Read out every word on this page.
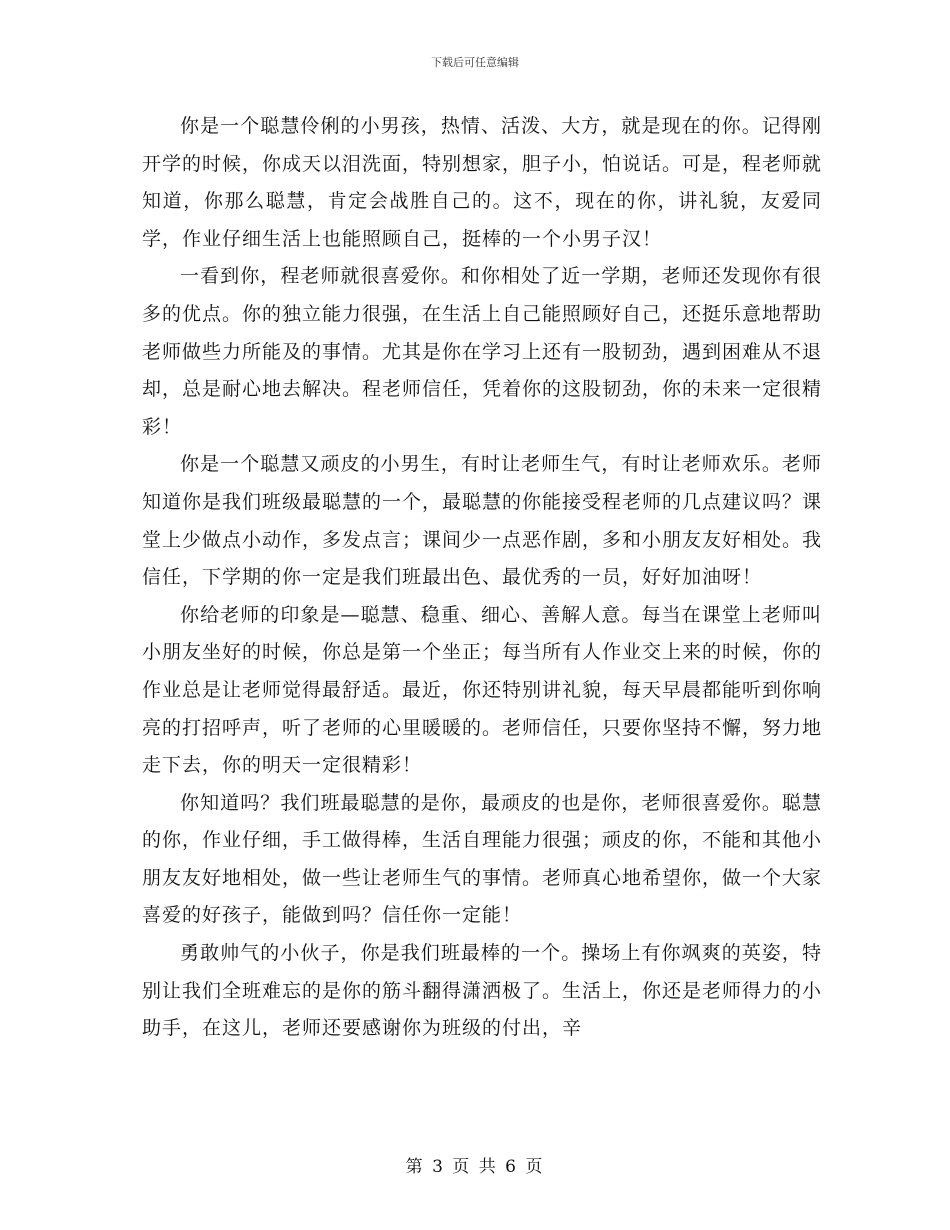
下载后可任意编辑

你是一个聪慧伶俐的小男孩，热情、活泼、大方，就是现在的你。记得刚开学的时候，你成天以泪洗面，特别想家，胆子小，怕说话。可是，程老师就知道，你那么聪慧，肯定会战胜自己的。这不，现在的你，讲礼貌，友爱同学，作业仔细生活上也能照顾自己，挺棒的一个小男子汉！

一看到你，程老师就很喜爱你。和你相处了近一学期，老师还发现你有很多的优点。你的独立能力很强，在生活上自己能照顾好自己，还挺乐意地帮助老师做些力所能及的事情。尤其是你在学习上还有一股韧劲，遇到困难从不退却，总是耐心地去解决。程老师信任，凭着你的这股韧劲，你的未来一定很精彩！

你是一个聪慧又顽皮的小男生，有时让老师生气，有时让老师欢乐。老师知道你是我们班级最聪慧的一个，最聪慧的你能接受程老师的几点建议吗？课堂上少做点小动作，多发点言；课间少一点恶作剧，多和小朋友友好相处。我信任，下学期的你一定是我们班最出色、最优秀的一员，好好加油呀！

你给老师的印象是—聪慧、稳重、细心、善解人意。每当在课堂上老师叫小朋友坐好的时候，你总是第一个坐正；每当所有人作业交上来的时候，你的作业总是让老师觉得最舒适。最近，你还特别讲礼貌，每天早晨都能听到你响亮的打招呼声，听了老师的心里暖暖的。老师信任，只要你坚持不懈，努力地走下去，你的明天一定很精彩！

你知道吗？我们班最聪慧的是你，最顽皮的也是你，老师很喜爱你。聪慧的你，作业仔细，手工做得棒，生活自理能力很强；顽皮的你，不能和其他小朋友友好地相处，做一些让老师生气的事情。老师真心地希望你，做一个大家喜爱的好孩子，能做到吗？信任你一定能！

勇敢帅气的小伙子，你是我们班最棒的一个。操场上有你飒爽的英姿，特别让我们全班难忘的是你的筋斗翻得潇洒极了。生活上，你还是老师得力的小助手，在这儿，老师还要感谢你为班级的付出，辛

第 3 页 共 6 页
